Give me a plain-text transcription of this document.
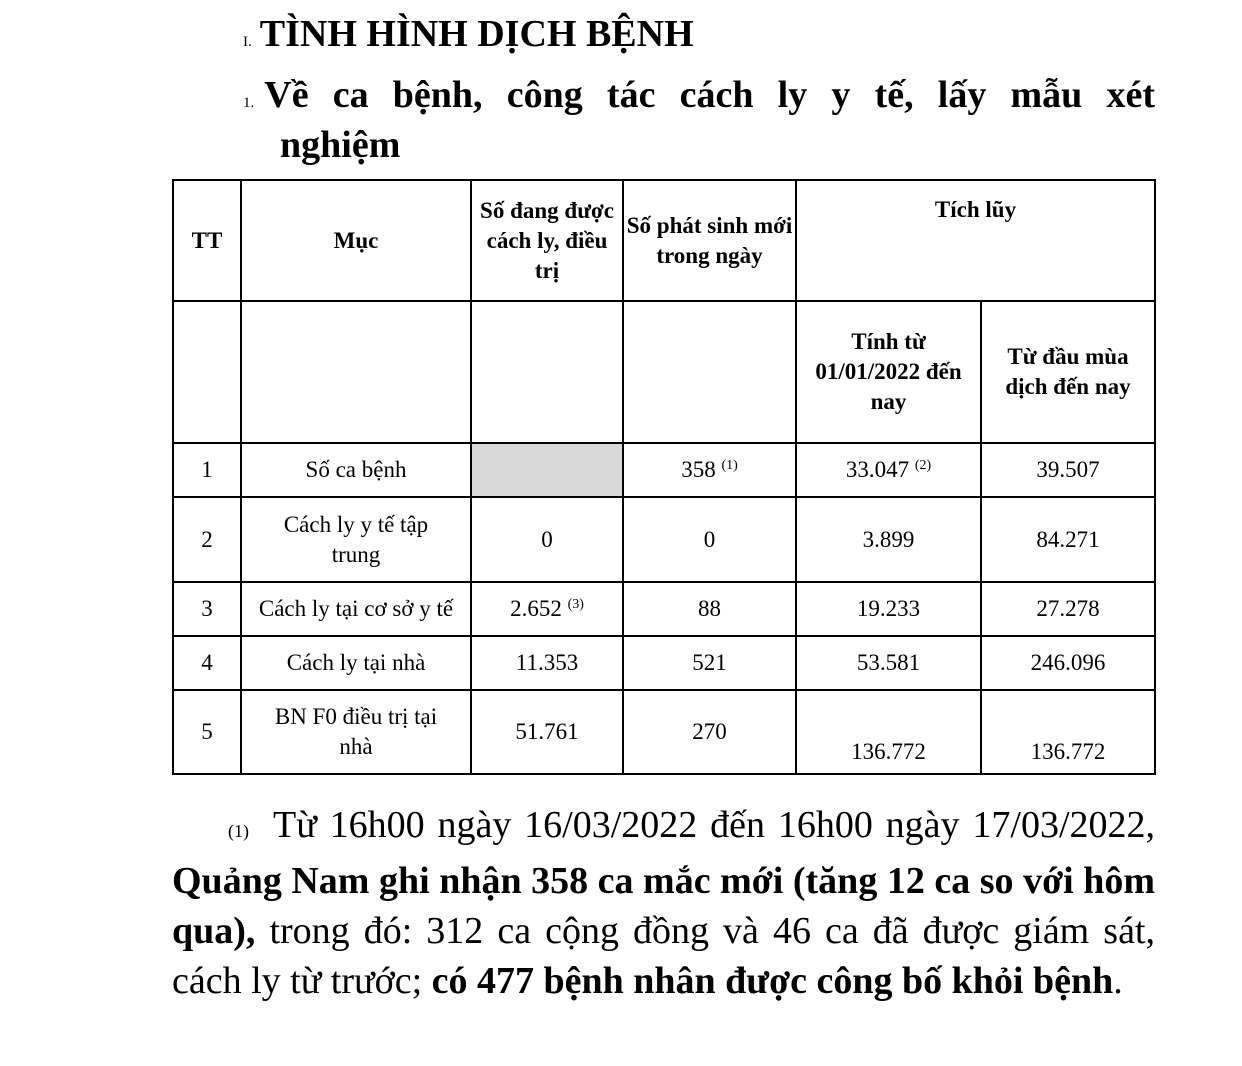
I. TÌNH HÌNH DỊCH BỆNH
1. Về ca bệnh, công tác cách ly y tế, lấy mẫu xét
nghiệm
TT	Mục	Số đang được cách ly, điều trị	Số phát sinh mới trong ngày	Tích lũy	
				Tính từ 01/01/2022 đến nay	Từ đầu mùa dịch đến nay
1	Số ca bệnh		358 $^{(1)}$	33.047 $^{(2)}$	39.507
2	Cách ly y tế tập trung	0	0	3.899	84.271
3	Cách ly tại cơ sở y tế	2.652 $^{(3)}$	88	19.233	27.278
4	Cách ly tại nhà	11.353	521	53.581	246.096
5	BN F0 điều trị tại nhà	51.761	270	136.772	136.772
(1) Từ 16h00 ngày 16/03/2022 đến 16h00 ngày 17/03/2022, Quảng Nam ghi nhận 358 ca mắc mới (tăng 12 ca so với hôm qua), trong đó: 312 ca cộng đồng và 46 ca đã được giám sát, cách ly từ trước; có 477 bệnh nhân được công bố khỏi bệnh.
